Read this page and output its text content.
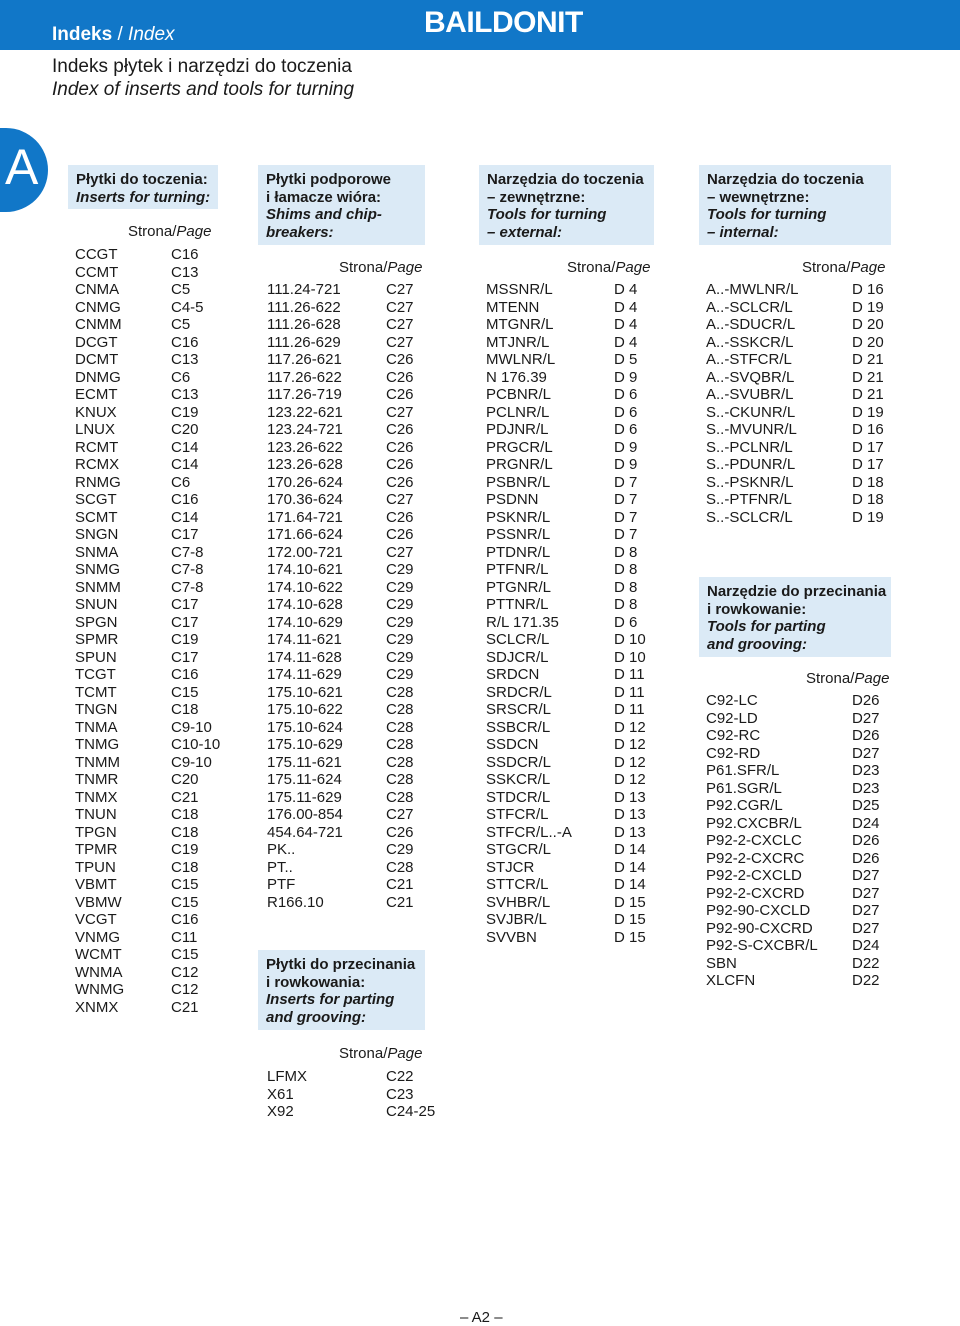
Indeks / Index	BAILDONIT
Indeks płytek i narzędzi do toczenia
Index of inserts and tools for turning
A	Płytki do toczenia:
Inserts for turning:
Strona/Page
CCGT	C16
CCMT	C13
CNMA	C5
CNMG	C4-5
CNMM	C5
DCGT	C16
DCMT	C13
DNMG	C6
ECMT	C13
KNUX	C19
LNUX	C20
RCMT	C14
RCMX	C14
RNMG	C6
SCGT	C16
SCMT	C14
SNGN	C17
SNMA	C7-8
SNMG	C7-8
SNMM	C7-8
SNUN	C17
SPGN	C17
SPMR	C19
SPUN	C17
TCGT	C16
TCMT	C15
TNGN	C18
TNMA	C9-10
TNMG	C10-10
TNMM	C9-10
TNMR	C20
TNMX	C21
TNUN	C18
TPGN	C18
TPMR	C19
TPUN	C18
VBMT	C15
VBMW	C15
VCGT	C16
VNMG	C11
WCMT	C15
WNMA	C12
WNMG	C12
XNMX	C21
Płytki podporowe
i łamacze wióra:
Shims and chip-
breakers:
Strona/Page
111.24-721	C27
111.26-622	C27
111.26-628	C27
111.26-629	C27
117.26-621	C26
117.26-622	C26
117.26-719	C26
123.22-621	C27
123.24-721	C26
123.26-622	C26
123.26-628	C26
170.26-624	C26
170.36-624	C27
171.64-721	C26
171.66-624	C26
172.00-721	C27
174.10-621	C29
174.10-622	C29
174.10-628	C29
174.10-629	C29
174.11-621	C29
174.11-628	C29
174.11-629	C29
175.10-621	C28
175.10-622	C28
175.10-624	C28
175.10-629	C28
175.11-621	C28
175.11-624	C28
175.11-629	C28
176.00-854	C27
454.64-721	C26
PK..	C29
PT..	C28
PTF	C21
R166.10	C21
Płytki do przecinania
i rowkowania:
Inserts for parting
and grooving:
Strona/Page
LFMX	C22
X61	C23
X92	C24-25
Narzędzia do toczenia
– zewnętrzne:
Tools for turning
– external:
Strona/Page
MSSNR/L	D 4
MTENN	D 4
MTGNR/L	D 4
MTJNR/L	D 4
MWLNR/L	D 5
N 176.39	D 9
PCBNR/L	D 6
PCLNR/L	D 6
PDJNR/L	D 6
PRGCR/L	D 9
PRGNR/L	D 9
PSBNR/L	D 7
PSDNN	D 7
PSKNR/L	D 7
PSSNR/L	D 7
PTDNR/L	D 8
PTFNR/L	D 8
PTGNR/L	D 8
PTTNR/L	D 8
R/L 171.35	D 6
SCLCR/L	D 10
SDJCR/L	D 10
SRDCN	D 11
SRDCR/L	D 11
SRSCR/L	D 11
SSBCR/L	D 12
SSDCN	D 12
SSDCR/L	D 12
SSKCR/L	D 12
STDCR/L	D 13
STFCR/L	D 13
STFCR/L..-A	D 13
STGCR/L	D 14
STJCR	D 14
STTCR/L	D 14
SVHBR/L	D 15
SVJBR/L	D 15
SVVBN	D 15
Narzędzia do toczenia
– wewnętrzne:
Tools for turning
– internal:
Strona/Page
A..-MWLNR/L	D 16
A..-SCLCR/L	D 19
A..-SDUCR/L	D 20
A..-SSKCR/L	D 20
A..-STFCR/L	D 21
A..-SVQBR/L	D 21
A..-SVUBR/L	D 21
S..-CKUNR/L	D 19
S..-MVUNR/L	D 16
S..-PCLNR/L	D 17
S..-PDUNR/L	D 17
S..-PSKNR/L	D 18
S..-PTFNR/L	D 18
S..-SCLCR/L	D 19
Narzędzie do przecinania
i rowkowanie:
Tools for parting
and grooving:
Strona/Page
C92-LC	D26
C92-LD	D27
C92-RC	D26
C92-RD	D27
P61.SFR/L	D23
P61.SGR/L	D23
P92.CGR/L	D25
P92.CXCBR/L	D24
P92-2-CXCLC	D26
P92-2-CXCRC	D26
P92-2-CXCLD	D27
P92-2-CXCRD	D27
P92-90-CXCLD	D27
P92-90-CXCRD	D27
P92-S-CXCBR/L D24
SBN	D22
XLCFN	D22
– A2 –
